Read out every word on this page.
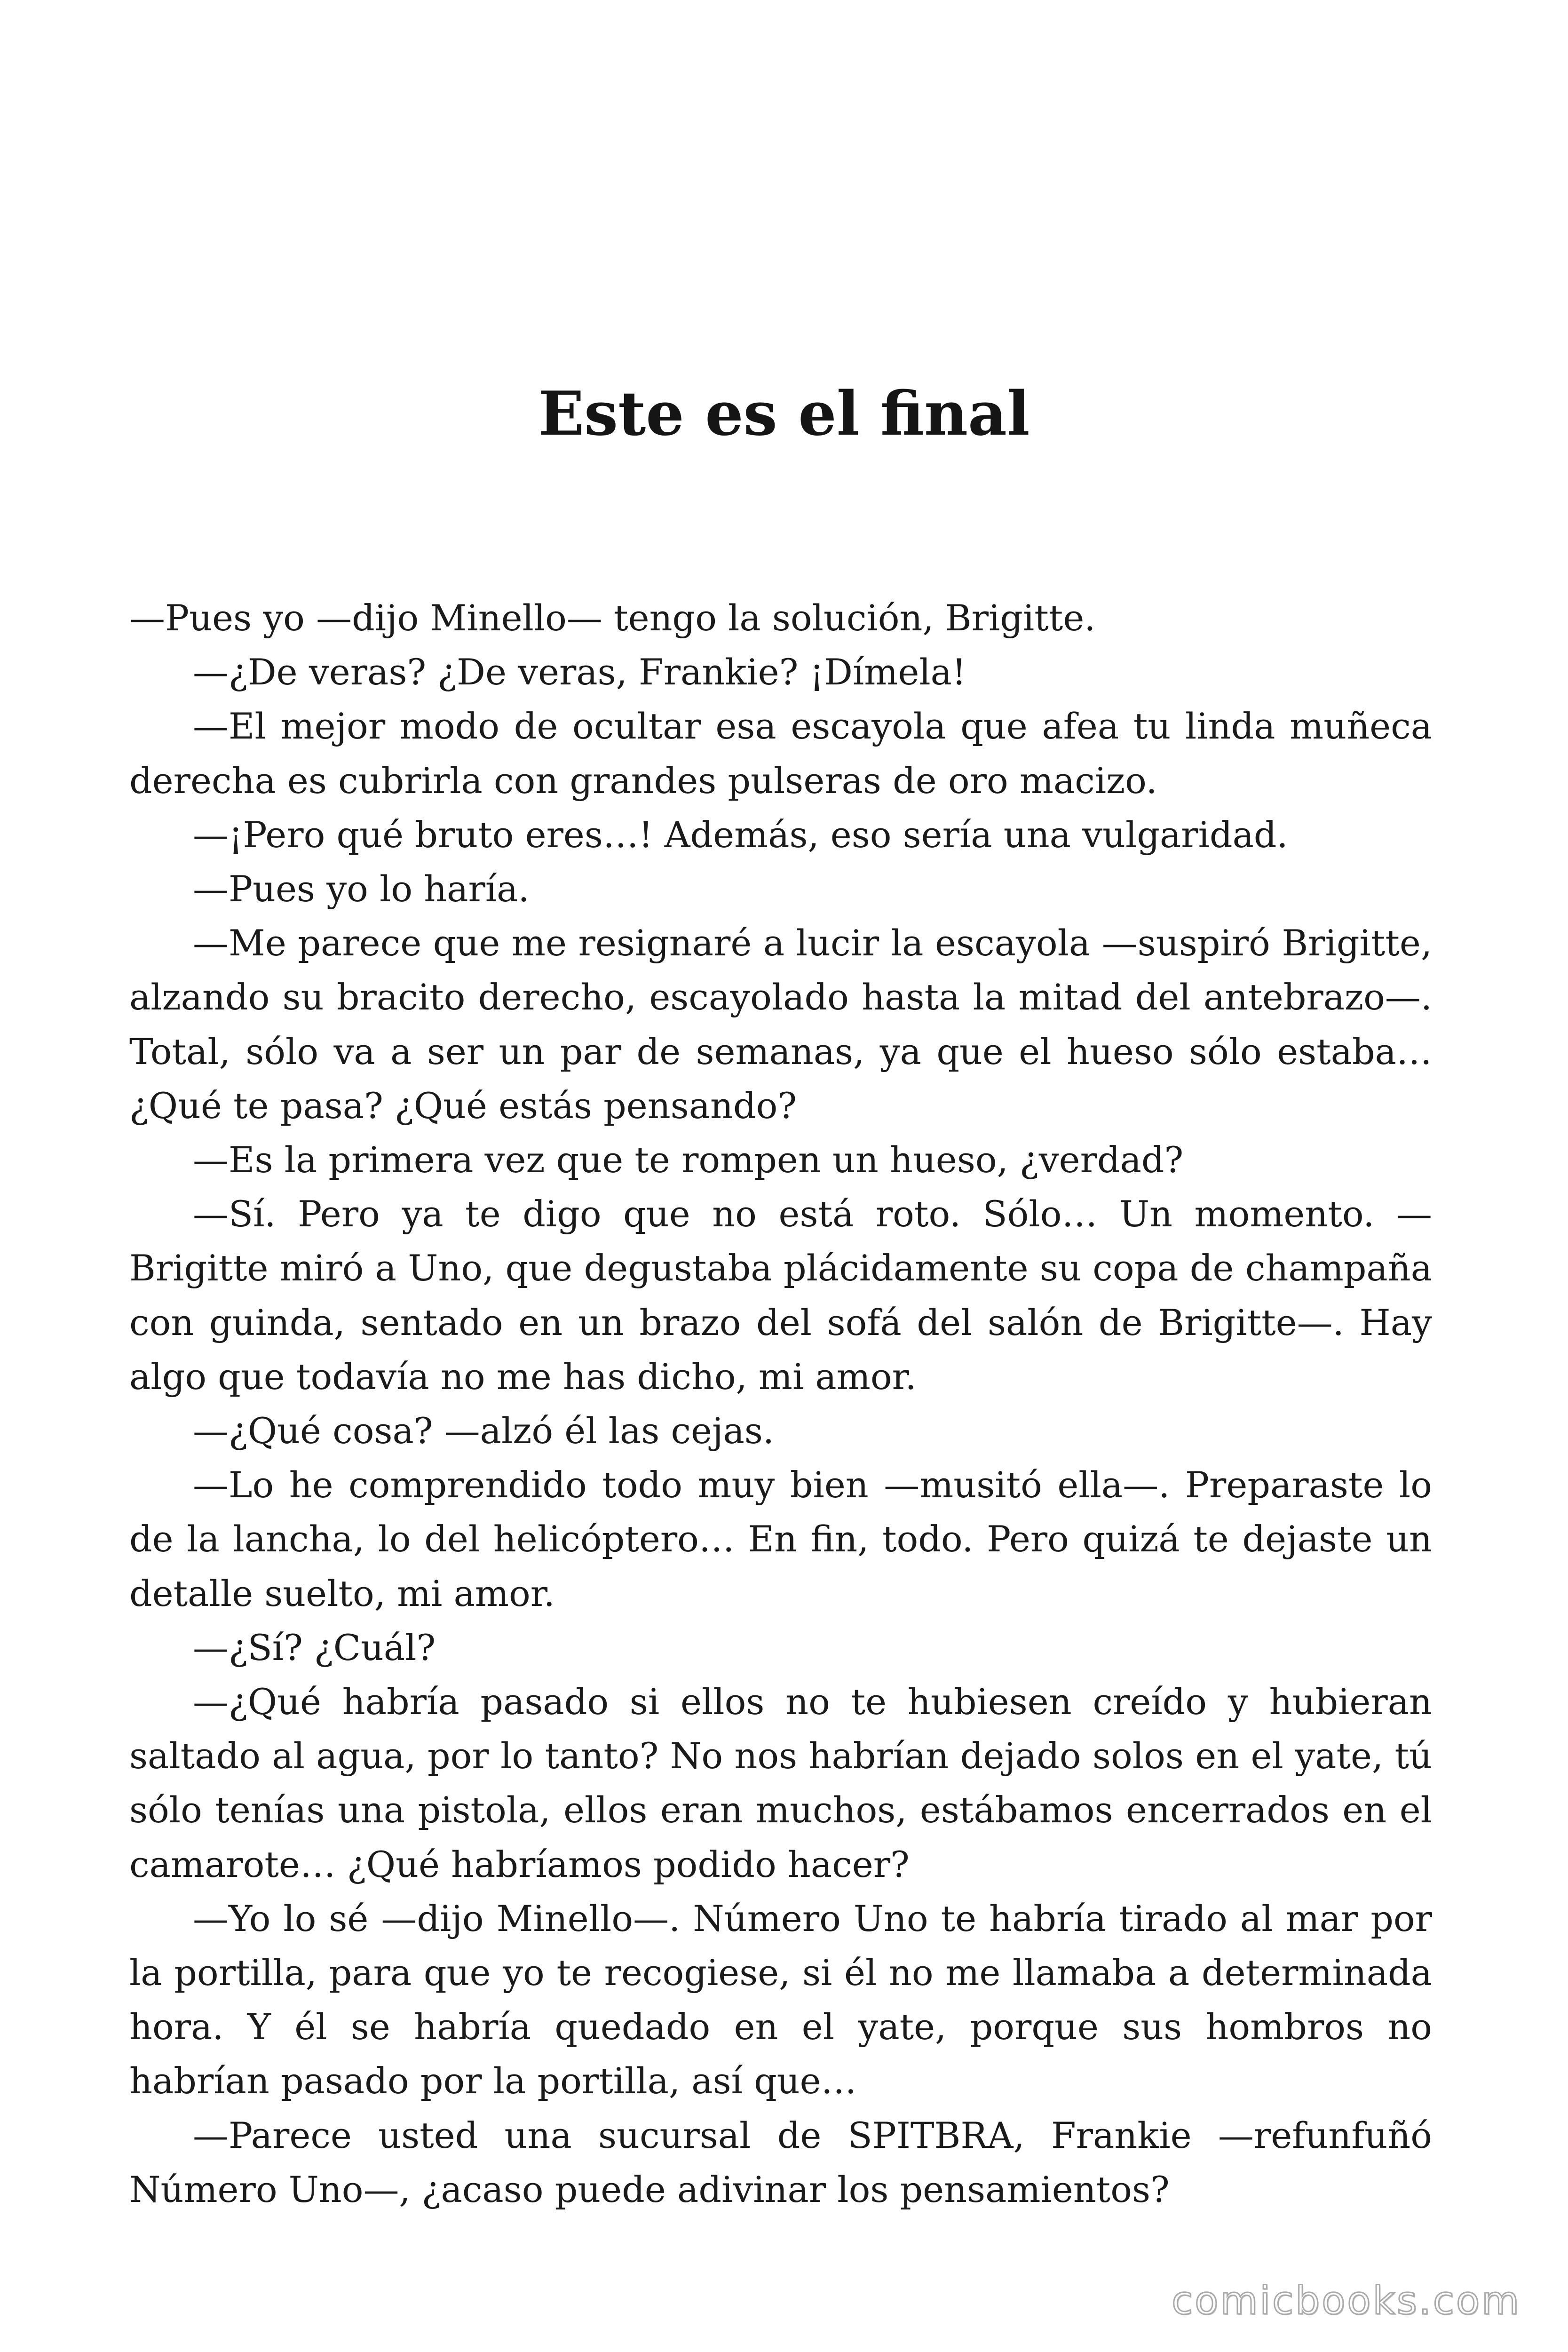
Este es el final

—Pues yo —dijo Minello— tengo la solución, Brigitte.

—¿De veras? ¿De veras, Frankie? ¡Dímela!

—El mejor modo de ocultar esa escayola que afea tu linda muñeca derecha es cubrirla con grandes pulseras de oro macizo.

—¡Pero qué bruto eres…! Además, eso sería una vulgaridad.

—Pues yo lo haría.

—Me parece que me resignaré a lucir la escayola —suspiró Brigitte, alzando su bracito derecho, escayolado hasta la mitad del antebrazo—. Total, sólo va a ser un par de semanas, ya que el hueso sólo estaba… ¿Qué te pasa? ¿Qué estás pensando?

—Es la primera vez que te rompen un hueso, ¿verdad?

—Sí. Pero ya te digo que no está roto. Sólo… Un momento. —Brigitte miró a Uno, que degustaba plácidamente su copa de champaña con guinda, sentado en un brazo del sofá del salón de Brigitte—. Hay algo que todavía no me has dicho, mi amor.

—¿Qué cosa? —alzó él las cejas.

—Lo he comprendido todo muy bien —musitó ella—. Preparaste lo de la lancha, lo del helicóptero… En fin, todo. Pero quizá te dejaste un detalle suelto, mi amor.

—¿Sí? ¿Cuál?

—¿Qué habría pasado si ellos no te hubiesen creído y hubieran saltado al agua, por lo tanto? No nos habrían dejado solos en el yate, tú sólo tenías una pistola, ellos eran muchos, estábamos encerrados en el camarote… ¿Qué habríamos podido hacer?

—Yo lo sé —dijo Minello—. Número Uno te habría tirado al mar por la portilla, para que yo te recogiese, si él no me llamaba a determinada hora. Y él se habría quedado en el yate, porque sus hombros no habrían pasado por la portilla, así que…

—Parece usted una sucursal de SPITBRA, Frankie —refunfuñó Número Uno—, ¿acaso puede adivinar los pensamientos?

comicbooks.com
